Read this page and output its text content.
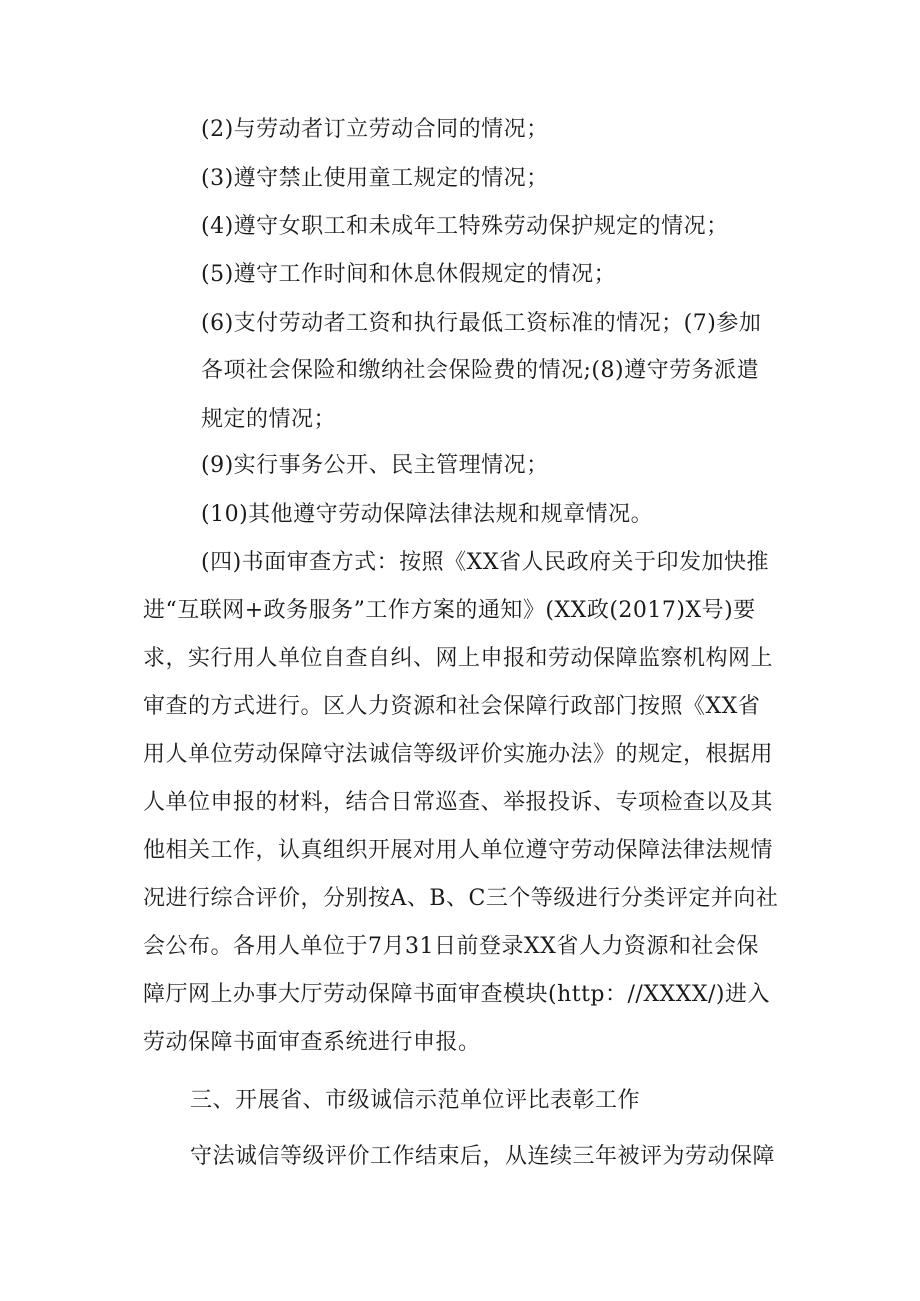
(2)与劳动者订立劳动合同的情况；
(3)遵守禁止使用童工规定的情况；
(4)遵守女职工和未成年工特殊劳动保护规定的情况；
(5)遵守工作时间和休息休假规定的情况；
(6)支付劳动者工资和执行最低工资标准的情况；(7)参加
各项社会保险和缴纳社会保险费的情况;(8)遵守劳务派遣
规定的情况；
(9)实行事务公开、民主管理情况；
(10)其他遵守劳动保障法律法规和规章情况。
(四)书面审查方式：按照《XX省人民政府关于印发加快推
进“互联网+政务服务”工作方案的通知》(XX政(2017)X号)要
求，实行用人单位自查自纠、网上申报和劳动保障监察机构网上
审查的方式进行。区人力资源和社会保障行政部门按照《XX省
用人单位劳动保障守法诚信等级评价实施办法》的规定，根据用
人单位申报的材料，结合日常巡查、举报投诉、专项检查以及其
他相关工作，认真组织开展对用人单位遵守劳动保障法律法规情
况进行综合评价，分别按A、B、C三个等级进行分类评定并向社
会公布。各用人单位于7月31日前登录XX省人力资源和社会保
障厅网上办事大厅劳动保障书面审查模块(http：//XXXX/)进入
劳动保障书面审查系统进行申报。
三、开展省、市级诚信示范单位评比表彰工作
守法诚信等级评价工作结束后，从连续三年被评为劳动保障
